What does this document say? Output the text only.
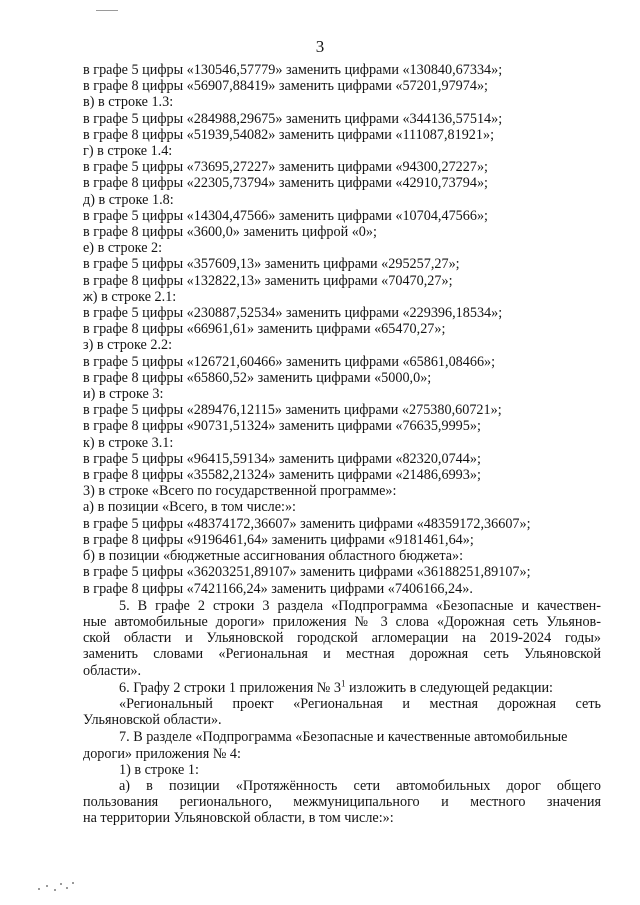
3
в графе 5 цифры «130546,57779» заменить цифрами «130840,67334»;
в графе 8 цифры «56907,88419» заменить цифрами «57201,97974»;
в) в строке 1.3:
в графе 5 цифры «284988,29675» заменить цифрами «344136,57514»;
в графе 8 цифры «51939,54082» заменить цифрами «111087,81921»;
г) в строке 1.4:
в графе 5 цифры «73695,27227» заменить цифрами «94300,27227»;
в графе 8 цифры «22305,73794» заменить цифрами «42910,73794»;
д) в строке 1.8:
в графе 5 цифры «14304,47566» заменить цифрами «10704,47566»;
в графе 8 цифры «3600,0» заменить цифрой «0»;
е) в строке 2:
в графе 5 цифры «357609,13» заменить цифрами «295257,27»;
в графе 8 цифры «132822,13» заменить цифрами «70470,27»;
ж) в строке 2.1:
в графе 5 цифры «230887,52534» заменить цифрами «229396,18534»;
в графе 8 цифры «66961,61» заменить цифрами «65470,27»;
з) в строке 2.2:
в графе 5 цифры «126721,60466» заменить цифрами «65861,08466»;
в графе 8 цифры «65860,52» заменить цифрами «5000,0»;
и) в строке 3:
в графе 5 цифры «289476,12115» заменить цифрами «275380,60721»;
в графе 8 цифры «90731,51324» заменить цифрами «76635,9995»;
к) в строке 3.1:
в графе 5 цифры «96415,59134» заменить цифрами «82320,0744»;
в графе 8 цифры «35582,21324» заменить цифрами «21486,6993»;
3) в строке «Всего по государственной программе»:
а) в позиции «Всего, в том числе:»:
в графе 5 цифры «48374172,36607» заменить цифрами «48359172,36607»;
в графе 8 цифры «9196461,64» заменить цифрами «9181461,64»;
б) в позиции «бюджетные ассигнования областного бюджета»:
в графе 5 цифры «36203251,89107» заменить цифрами «36188251,89107»;
в графе 8 цифры «7421166,24» заменить цифрами «7406166,24».
5. В графе 2 строки 3 раздела «Подпрограмма «Безопасные и качествен-
ные автомобильные дороги» приложения № 3 слова «Дорожная сеть Ульянов-
ской области и Ульяновской городской агломерации на 2019-2024 годы»
заменить словами «Региональная и местная дорожная сеть Ульяновской
области».
6. Графу 2 строки 1 приложения № $3^1$ изложить в следующей редакции:
«Региональный проект «Региональная и местная дорожная сеть
Ульяновской области».
7. В разделе «Подпрограмма «Безопасные и качественные автомобильные
дороги» приложения № 4:
1) в строке 1:
а) в позиции «Протяжённость сети автомобильных дорог общего
пользования регионального, межмуниципального и местного значения
на территории Ульяновской области, в том числе:»:
